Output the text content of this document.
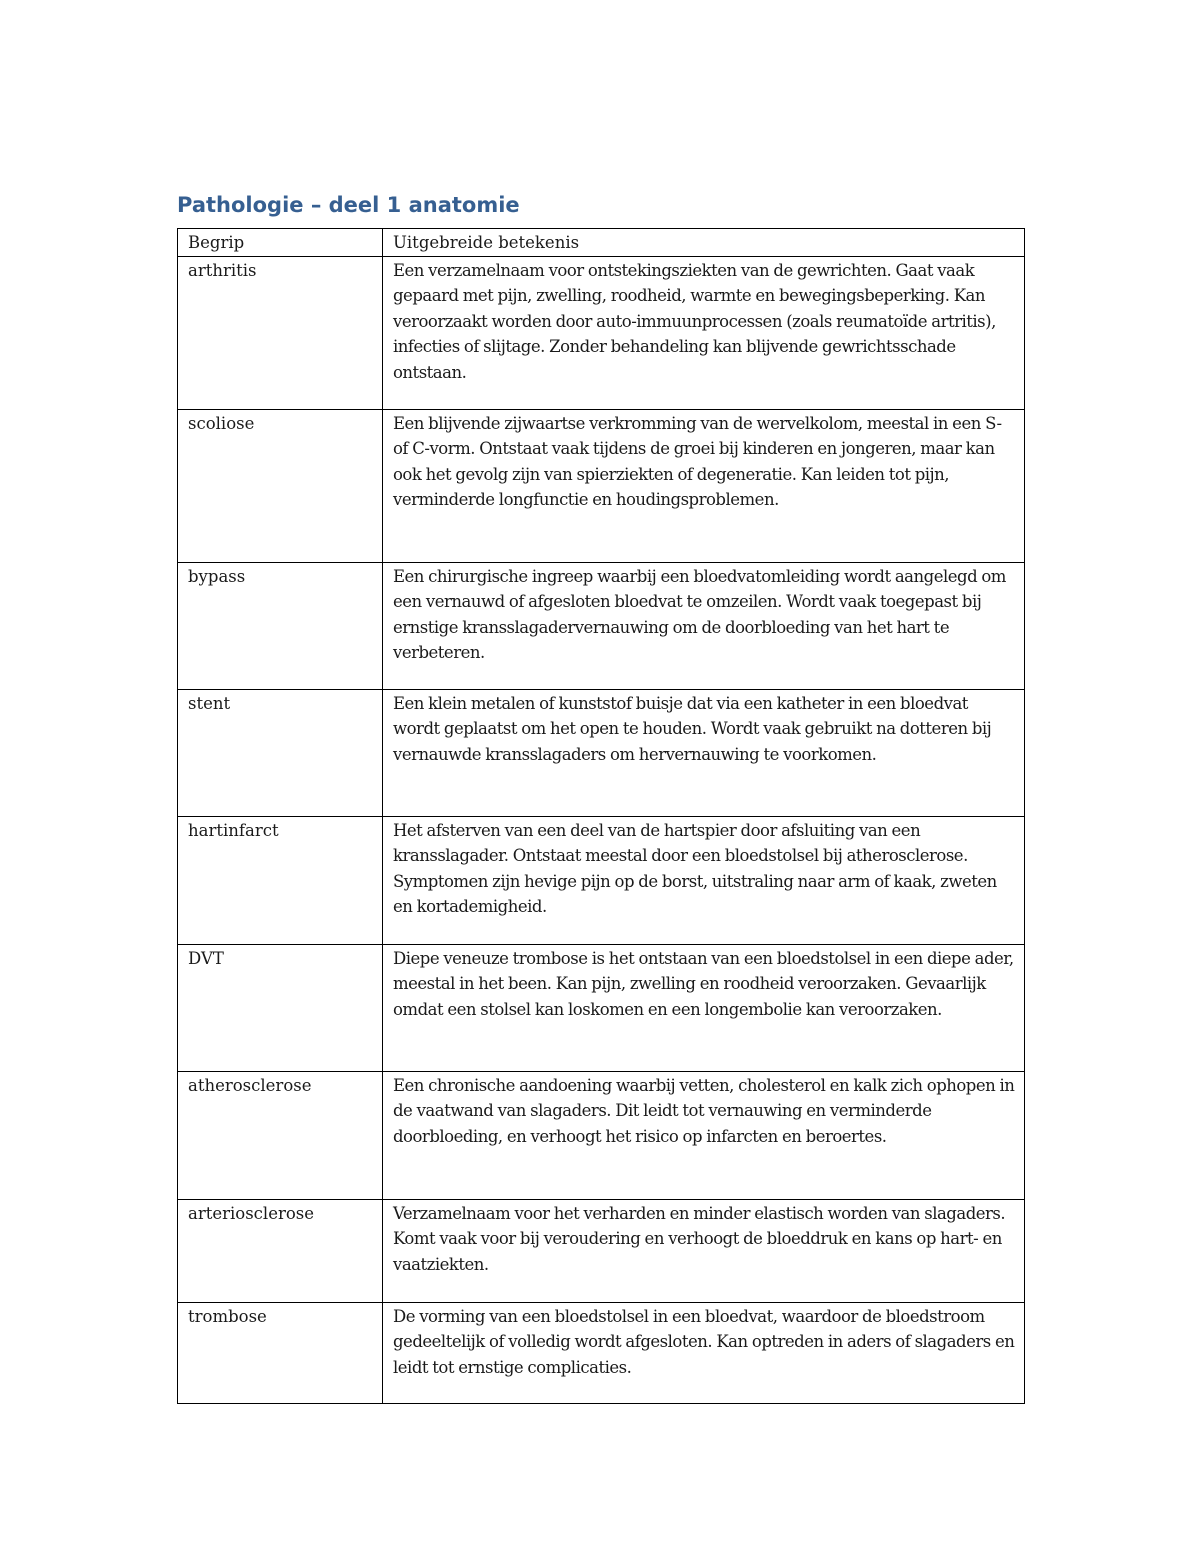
Pathologie – deel 1 anatomie
Begrip	Uitgebreide betekenis
arthritis	Een verzamelnaam voor ontstekingsziekten van de gewrichten. Gaat vaak gepaard met pijn, zwelling, roodheid, warmte en bewegingsbeperking. Kan veroorzaakt worden door auto-immuunprocessen (zoals reumatoïde artritis), infecties of slijtage. Zonder behandeling kan blijvende gewrichtsschade ontstaan.
scoliose	Een blijvende zijwaartse verkromming van de wervelkolom, meestal in een S- of C-vorm. Ontstaat vaak tijdens de groei bij kinderen en jongeren, maar kan ook het gevolg zijn van spierziekten of degeneratie. Kan leiden tot pijn, verminderde longfunctie en houdingsproblemen.
bypass	Een chirurgische ingreep waarbij een bloedvatomleiding wordt aangelegd om een vernauwd of afgesloten bloedvat te omzeilen. Wordt vaak toegepast bij ernstige kransslagadervernauwing om de doorbloeding van het hart te verbeteren.
stent	Een klein metalen of kunststof buisje dat via een katheter in een bloedvat wordt geplaatst om het open te houden. Wordt vaak gebruikt na dotteren bij vernauwde kransslagaders om hervernauwing te voorkomen.
hartinfarct	Het afsterven van een deel van de hartspier door afsluiting van een kransslagader. Ontstaat meestal door een bloedstolsel bij atherosclerose. Symptomen zijn hevige pijn op de borst, uitstraling naar arm of kaak, zweten en kortademigheid.
DVT	Diepe veneuze trombose is het ontstaan van een bloedstolsel in een diepe ader, meestal in het been. Kan pijn, zwelling en roodheid veroorzaken. Gevaarlijk omdat een stolsel kan loskomen en een longembolie kan veroorzaken.
atherosclerose	Een chronische aandoening waarbij vetten, cholesterol en kalk zich ophopen in de vaatwand van slagaders. Dit leidt tot vernauwing en verminderde doorbloeding, en verhoogt het risico op infarcten en beroertes.
arteriosclerose	Verzamelnaam voor het verharden en minder elastisch worden van slagaders. Komt vaak voor bij veroudering en verhoogt de bloeddruk en kans op hart- en vaatziekten.
trombose	De vorming van een bloedstolsel in een bloedvat, waardoor de bloedstroom gedeeltelijk of volledig wordt afgesloten. Kan optreden in aders of slagaders en leidt tot ernstige complicaties.
